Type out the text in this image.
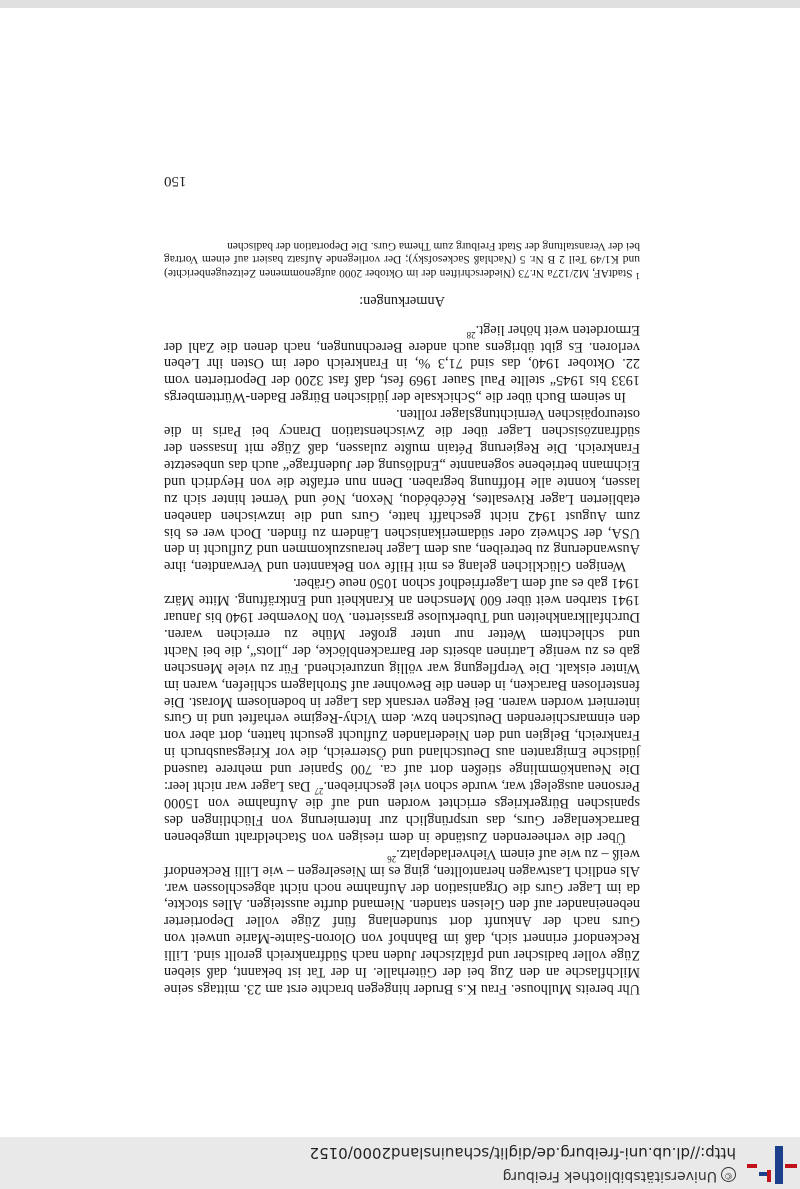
©Universitätsbibliothek Freiburg
http://dl.ub.uni-freiburg.de/diglit/schauinsland2000/0152

Uhr bereits Mulhouse. Frau K.s Bruder hingegen brachte erst am 23. mittags seine Milchflasche an den Zug bei der Güterhalle. In der Tat ist bekannt, daß sieben Züge voller badischer und pfälzischer Juden nach Südfrankreich gerollt sind. Lilli Reckendorf erinnert sich, daß im Bahnhof von Oloron-Sainte-Marie unweit von Gurs nach der Ankunft dort stundenlang fünf Züge voller Deportierter nebeneinander auf den Gleisen standen. Niemand durfte aussteigen. Alles stockte, da im Lager Gurs die Organisation der Aufnahme noch nicht abgeschlossen war. Als endlich Lastwagen herantollten, ging es im Nieselregen – wie Lilli Reckendorf weiß – zu wie auf einem Viehverladeplatz.$^{26}$

Über die verheerenden Zustände in dem riesigen von Stacheldraht umgebenen Barrackenlager Gurs, das ursprünglich zur Internierung von Flüchtlingen des spanischen Bürgerkriegs errichtet worden und auf die Aufnahme von 15000 Personen ausgelegt war, wurde schon viel geschrieben.$^{27}$ Das Lager war nicht leer: Die Neuankömmlinge stießen dort auf ca. 700 Spanier und mehrere tausend jüdische Emigranten aus Deutschland und Österreich, die vor Kriegsausbruch in Frankreich, Belgien und den Niederlanden Zuflucht gesucht hatten, dort aber von den einmarschierenden Deutschen bzw. dem Vichy-Regime verhaftet und in Gurs interniert worden waren. Bei Regen versank das Lager in bodenlosem Morast. Die fensterlosen Baracken, in denen die Bewohner auf Strohlagern schliefen, waren im Winter eiskalt. Die Verpflegung war völlig unzureichend. Für zu viele Menschen gab es zu wenige Latrinen abseits der Barrackenblöcke, der „Ilots“, die bei Nacht und schlechtem Wetter nur unter großer Mühe zu erreichen waren. Durchfallkrankheiten und Tuberkulose grassierten. Von November 1940 bis Januar 1941 starben weit über 600 Menschen an Krankheit und Entkräftung. Mitte März 1941 gab es auf dem Lagerfriedhof schon 1050 neue Gräber.

Wenigen Glücklichen gelang es mit Hilfe von Bekannten und Verwandten, ihre Auswanderung zu betreiben, aus dem Lager herauszukommen und Zuflucht in den USA, der Schweiz oder südamerikanischen Ländern zu finden. Doch wer es bis zum August 1942 nicht geschafft hatte, Gurs und die inzwischen daneben etablierten Lager Rivesaltes, Récébédou, Nexon, Noé und Vernet hinter sich zu lassen, konnte alle Hoffnung begraben. Denn nun erfaßte die von Heydrich und Eichmann betriebene sogenannte „Endlösung der Judenfrage“ auch das unbesetzte Frankreich. Die Regierung Pétain mußte zulassen, daß Züge mit Insassen der südfranzösischen Lager über die Zwischenstation Drancy bei Paris in die osteuropäischen Vernichtungslager rollten.

In seinem Buch über die „Schicksale der jüdischen Bürger Baden-Württembergs 1933 bis 1945“ stellte Paul Sauer 1969 fest, daß fast 3200 der Deportierten vom 22. Oktober 1940, das sind 71,3 %, in Frankreich oder im Osten ihr Leben verloren. Es gibt übrigens auch andere Berechnungen, nach denen die Zahl der Ermordeten weit höher liegt.$^{28}$

Anmerkungen:

$^1$StadtAF, M2/127a Nr.73 (Niederschriften der im Oktober 2000 aufgenommenen Zeitzeugenberichte) und K1/49 Teil 2 B Nr. 5 (Nachlaß Sackesofsky); Der vorliegende Aufsatz basiert auf einem Vortrag bei der Veranstaltung der Stadt Freiburg zum Thema Gurs. Die Deportation der badischen

150
